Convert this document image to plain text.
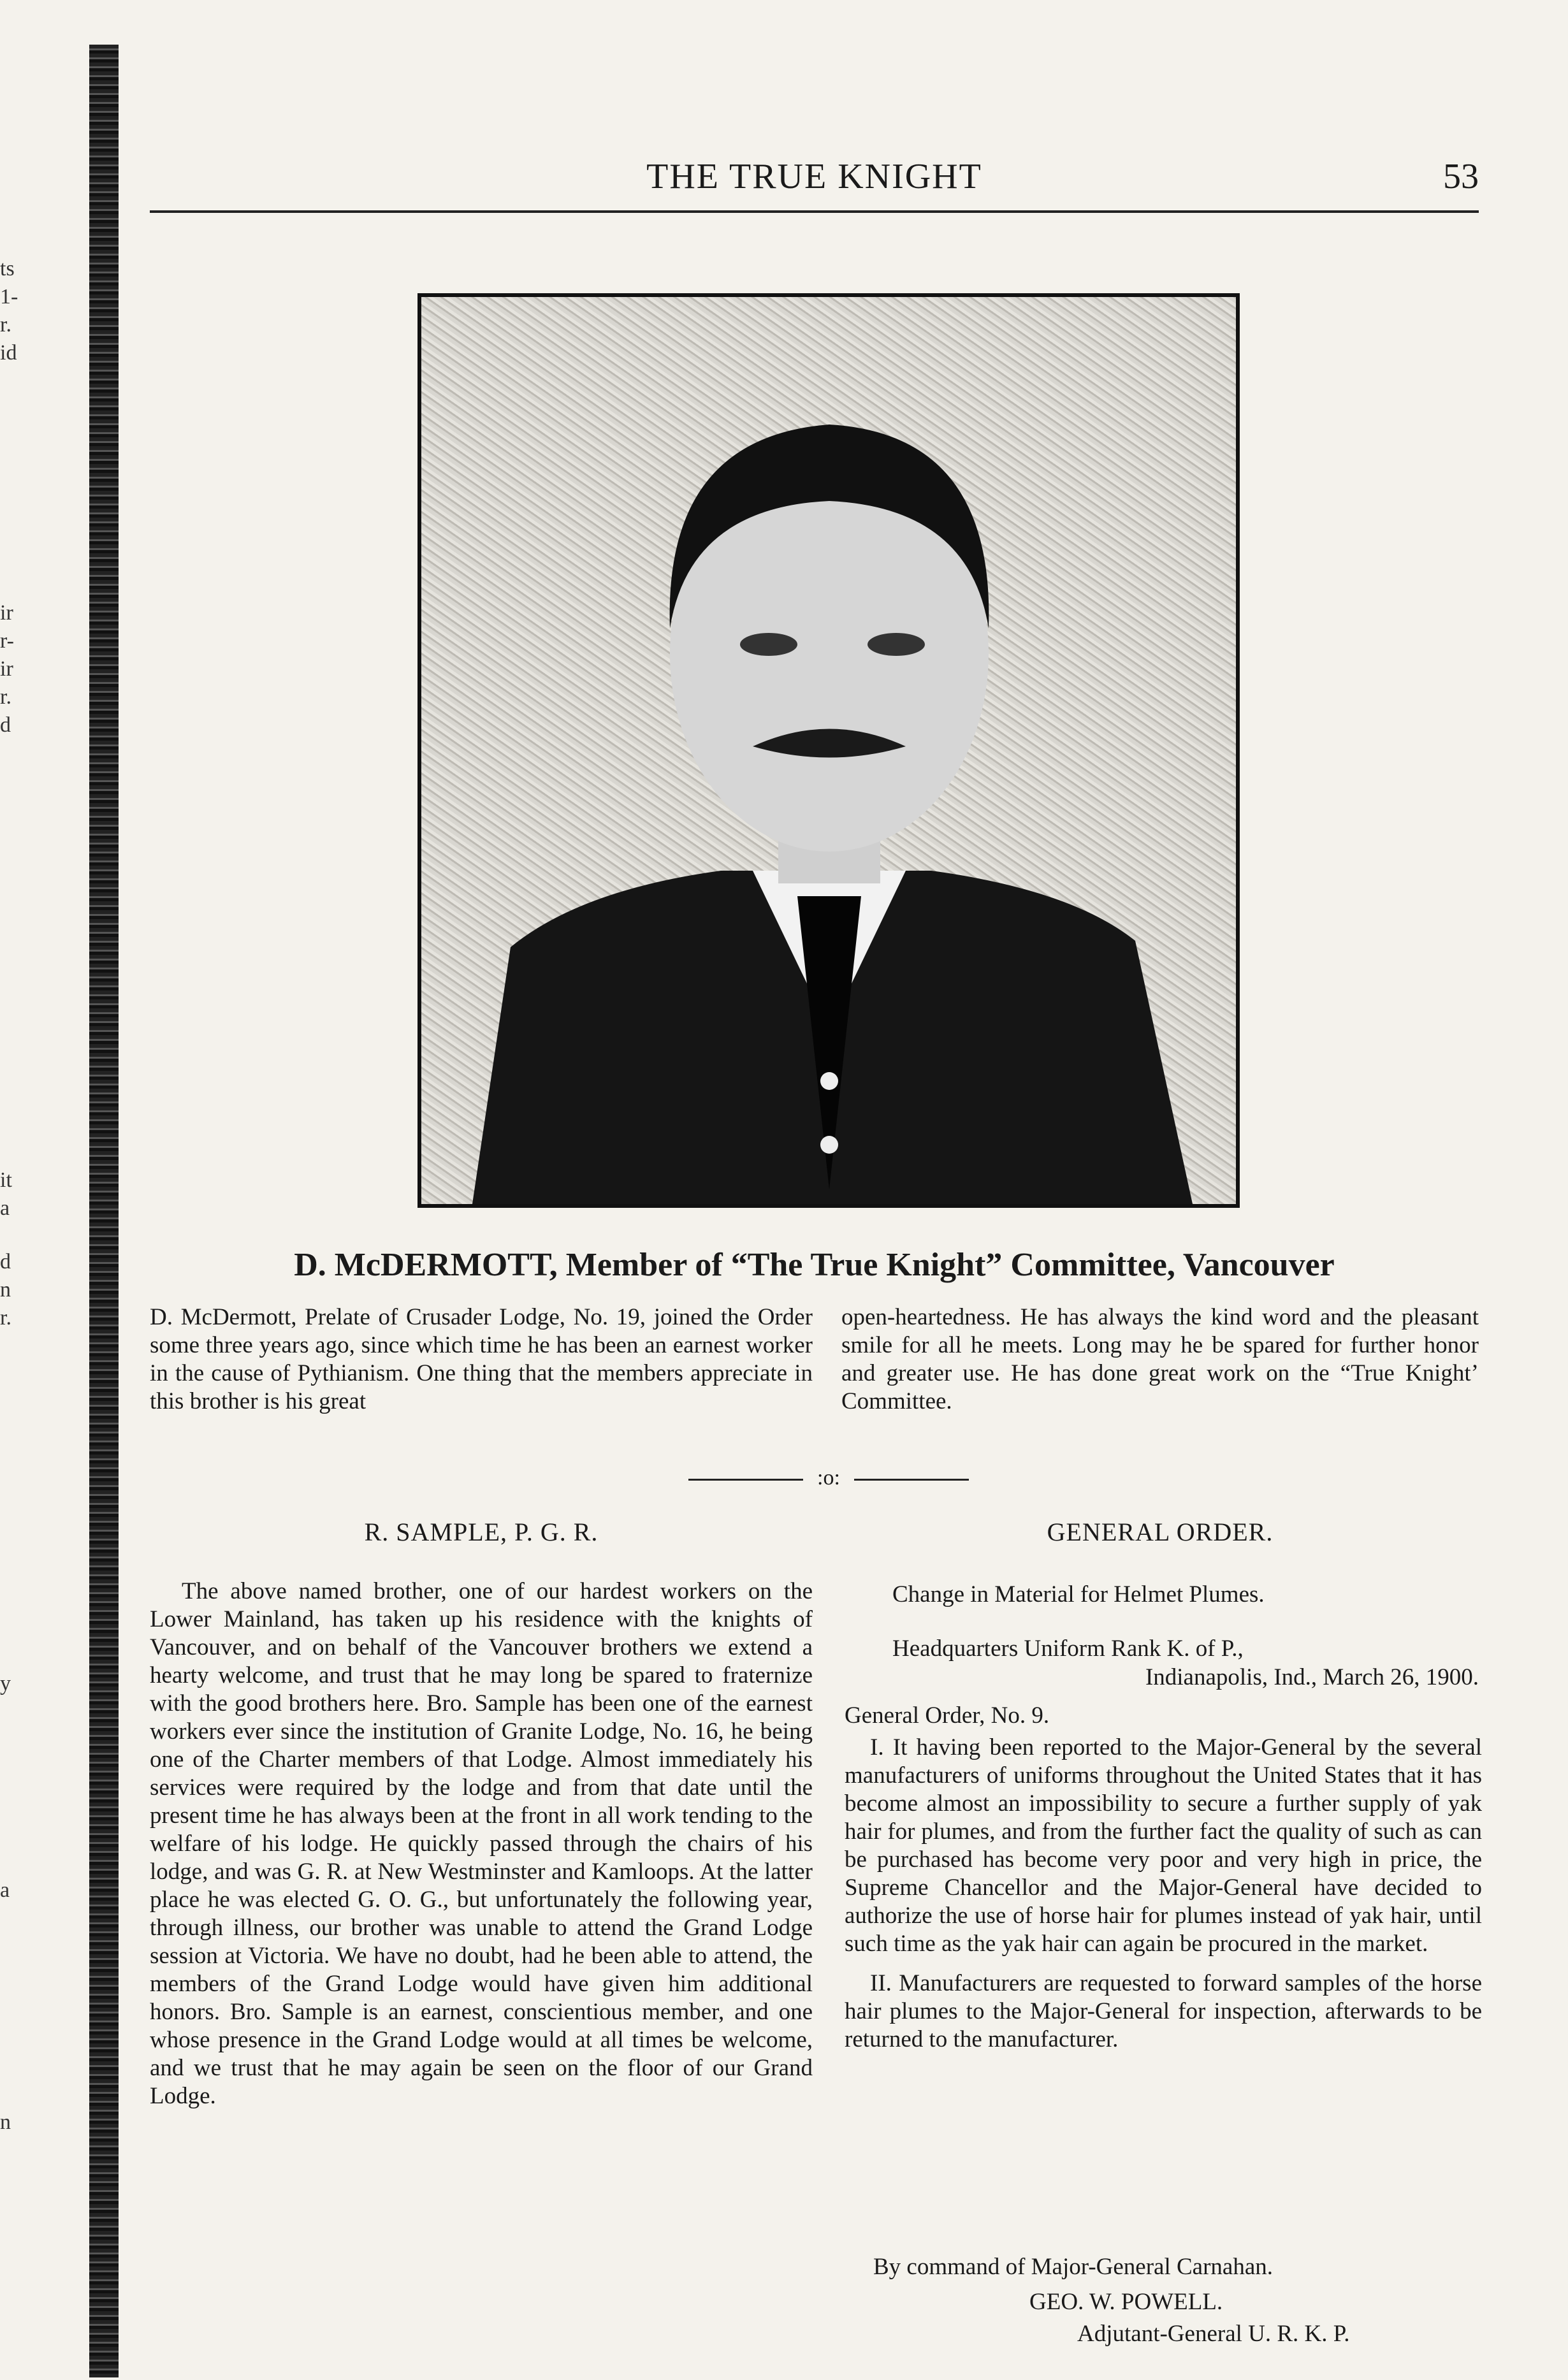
ts
1-
r.
id
ir
r-
ir
r.
d
it
a
d
n
r.
y
a
n
THE TRUE KNIGHT	53
D. McDERMOTT, Member of “The True Knight” Committee, Vancouver

D. McDermott, Prelate of Crusader Lodge, No. 19, joined the Order some three years ago, since which time he has been an earnest worker in the cause of Pythianism. One thing that the members appreciate in this brother is his great

open-heartedness. He has always the kind word and the pleasant smile for all he meets. Long may he be spared for further honor and greater use. He has done great work on the “True Knight’ Committee.

:o:
R. SAMPLE, P. G. R.

The above named brother, one of our hardest workers on the Lower Mainland, has taken up his residence with the knights of Vancouver, and on behalf of the Vancouver brothers we extend a hearty welcome, and trust that he may long be spared to fraternize with the good brothers here. Bro. Sample has been one of the earnest workers ever since the institution of Granite Lodge, No. 16, he being one of the Charter members of that Lodge. Almost immediately his services were required by the lodge and from that date until the present time he has always been at the front in all work tending to the welfare of his lodge. He quickly passed through the chairs of his lodge, and was G. R. at New Westminster and Kamloops. At the latter place he was elected G. O. G., but unfortunately the following year, through illness, our brother was unable to attend the Grand Lodge session at Victoria. We have no doubt, had he been able to attend, the members of the Grand Lodge would have given him additional honors. Bro. Sample is an earnest, conscientious member, and one whose presence in the Grand Lodge would at all times be welcome, and we trust that he may again be seen on the floor of our Grand Lodge.

GENERAL ORDER.
Change in Material for Helmet Plumes.
Headquarters Uniform Rank K. of P.,
Indianapolis, Ind., March 26, 1900.
General Order, No. 9.

I. It having been reported to the Major-General by the several manufacturers of uniforms throughout the United States that it has become almost an impossibility to secure a further supply of yak hair for plumes, and from the further fact the quality of such as can be purchased has become very poor and very high in price, the Supreme Chancellor and the Major-General have decided to authorize the use of horse hair for plumes instead of yak hair, until such time as the yak hair can again be procured in the market.

II. Manufacturers are requested to forward samples of the horse hair plumes to the Major-General for inspection, afterwards to be returned to the manufacturer.

By command of Major-General Carnahan.
GEO. W. POWELL.
Adjutant-General U. R. K. P.
